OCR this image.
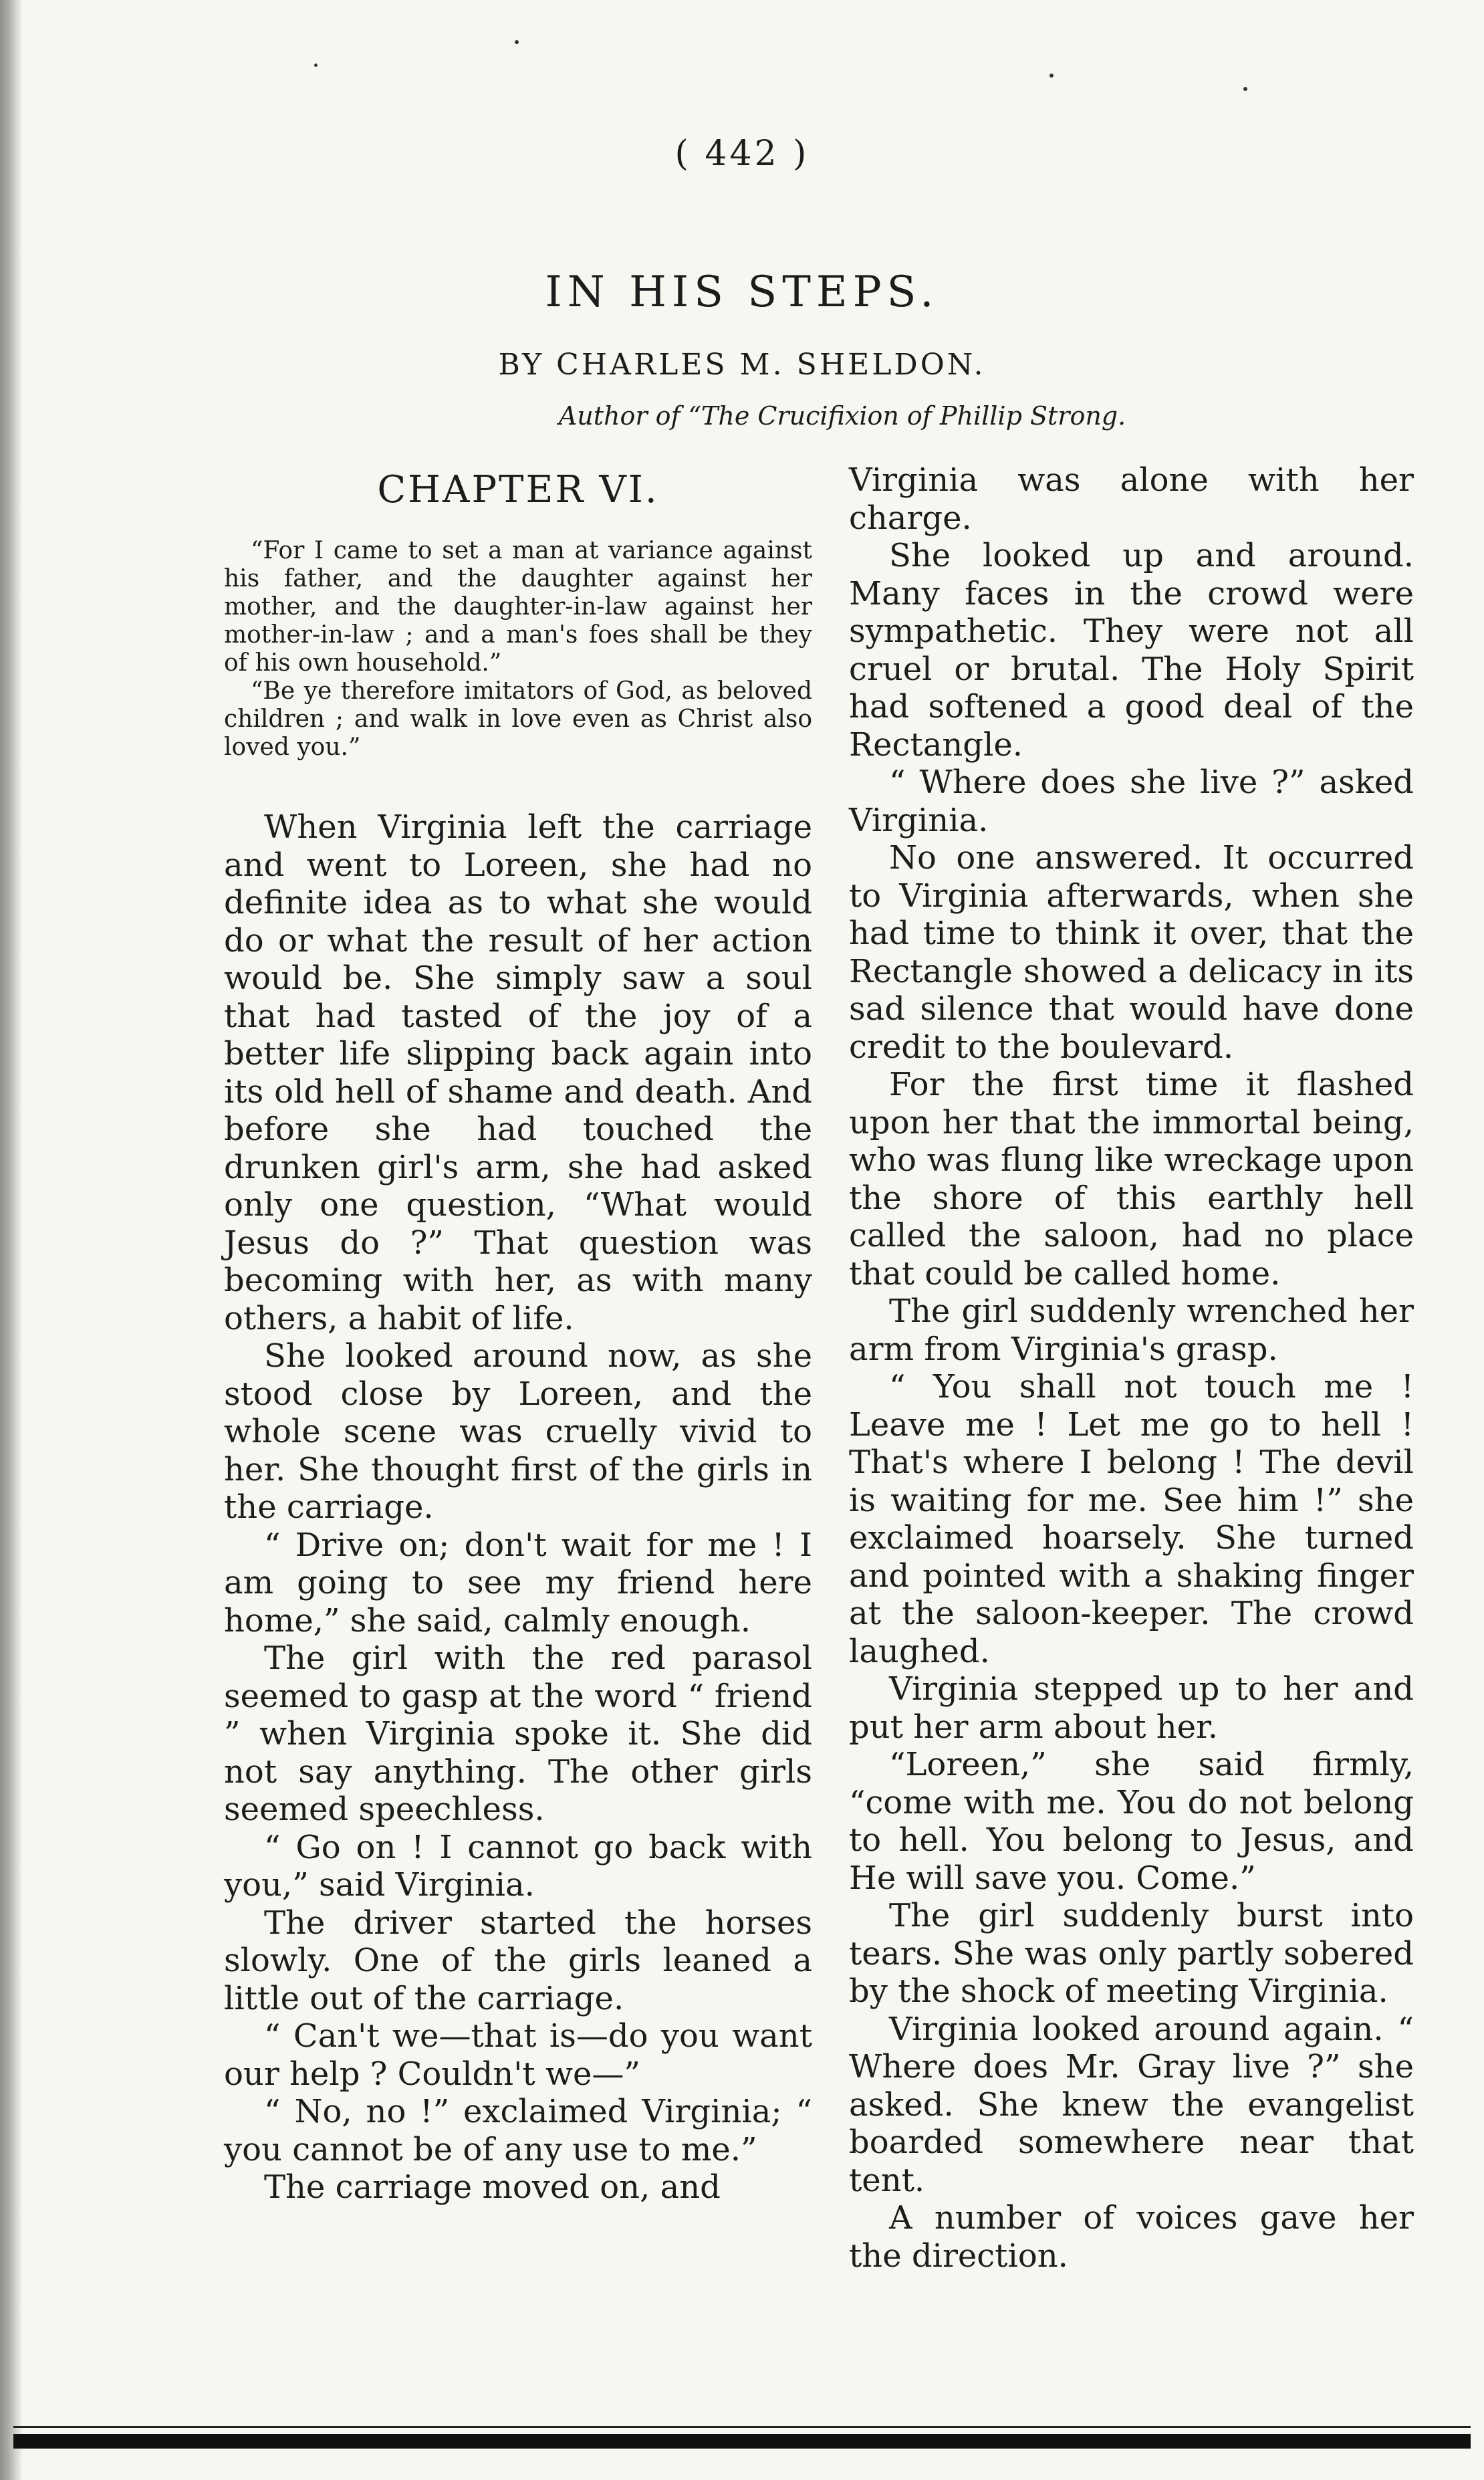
( 442 )
IN HIS STEPS.
BY CHARLES M. SHELDON.
Author of “The Crucifixion of Phillip Strong.
CHAPTER VI.

“For I came to set a man at variance against his father, and the daughter against her mother, and the daughter-in-law against her mother-in-law ; and a man's foes shall be they of his own household.”

“Be ye therefore imitators of God, as beloved children ; and walk in love even as Christ also loved you.”

When Virginia left the carriage and went to Loreen, she had no definite idea as to what she would do or what the result of her action would be. She simply saw a soul that had tasted of the joy of a better life slipping back again into its old hell of shame and death. And before she had touched the drunken girl's arm, she had asked only one question, “What would Jesus do ?” That question was becoming with her, as with many others, a habit of life.

She looked around now, as she stood close by Loreen, and the whole scene was cruelly vivid to her. She thought first of the girls in the carriage.

“ Drive on; don't wait for me ! I am going to see my friend here home,” she said, calmly enough.

The girl with the red parasol seemed to gasp at the word “ friend ” when Virginia spoke it. She did not say anything. The other girls seemed speechless.

“ Go on ! I cannot go back with you,” said Virginia.

The driver started the horses slowly. One of the girls leaned a little out of the carriage.

“ Can't we—that is—do you want our help ? Couldn't we—”

“ No, no !” exclaimed Virginia; “ you cannot be of any use to me.”

The carriage moved on, and

Virginia was alone with her charge.

She looked up and around. Many faces in the crowd were sympathetic. They were not all cruel or brutal. The Holy Spirit had softened a good deal of the Rectangle.

“ Where does she live ?” asked Virginia.

No one answered. It occurred to Virginia afterwards, when she had time to think it over, that the Rectangle showed a delicacy in its sad silence that would have done credit to the boulevard.

For the first time it flashed upon her that the immortal being, who was flung like wreckage upon the shore of this earthly hell called the saloon, had no place that could be called home.

The girl suddenly wrenched her arm from Virginia's grasp.

“ You shall not touch me ! Leave me ! Let me go to hell ! That's where I belong ! The devil is waiting for me. See him !” she exclaimed hoarsely. She turned and pointed with a shaking finger at the saloon-keeper. The crowd laughed.

Virginia stepped up to her and put her arm about her.

“Loreen,” she said firmly, “come with me. You do not belong to hell. You belong to Jesus, and He will save you. Come.”

The girl suddenly burst into tears. She was only partly sobered by the shock of meeting Virginia.

Virginia looked around again. “ Where does Mr. Gray live ?” she asked. She knew the evangelist boarded somewhere near that tent.

A number of voices gave her the direction.
